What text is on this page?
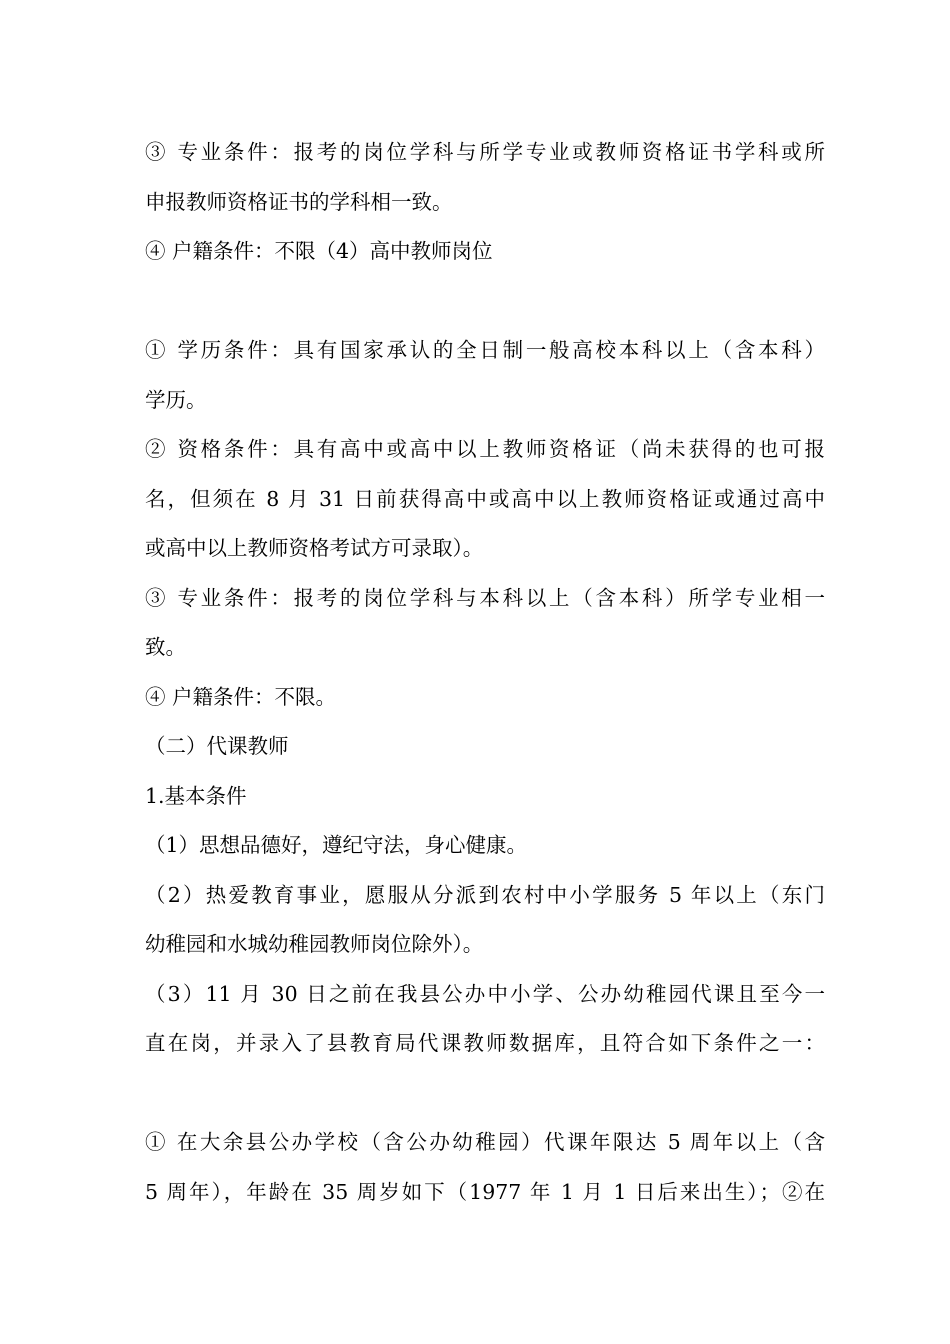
③ 专业条件：报考的岗位学科与所学专业或教师资格证书学科或所

申报教师资格证书的学科相一致。

④ 户籍条件：不限（4）高中教师岗位

① 学历条件：具有国家承认的全日制一般高校本科以上（含本科）

学历。

② 资格条件：具有高中或高中以上教师资格证（尚未获得的也可报

名，但须在 8 月 31 日前获得高中或高中以上教师资格证或通过高中

或高中以上教师资格考试方可录取）。

③ 专业条件：报考的岗位学科与本科以上（含本科）所学专业相一

致。

④ 户籍条件：不限。

（二）代课教师

1.基本条件

（1）思想品德好，遵纪守法，身心健康。

（2）热爱教育事业，愿服从分派到农村中小学服务 5 年以上（东门

幼稚园和水城幼稚园教师岗位除外）。

（3）11 月 30 日之前在我县公办中小学、公办幼稚园代课且至今一

直在岗，并录入了县教育局代课教师数据库，且符合如下条件之一：

① 在大余县公办学校（含公办幼稚园）代课年限达 5 周年以上（含

5 周年），年龄在 35 周岁如下（1977 年 1 月 1 日后来出生）；②在
